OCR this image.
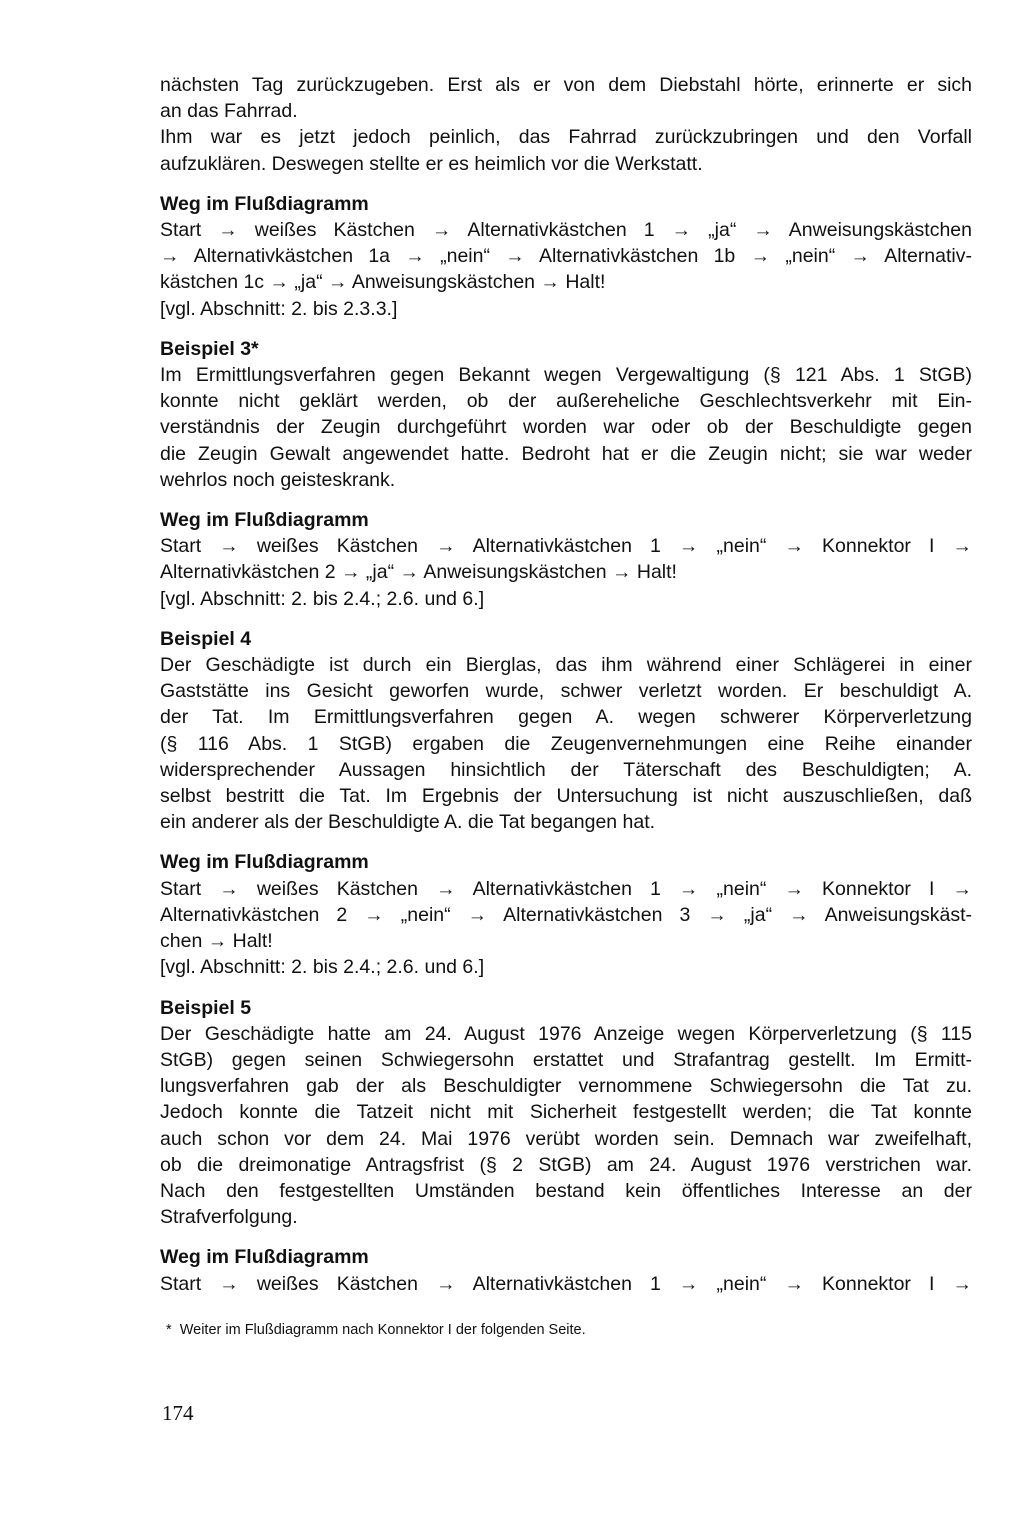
nächsten Tag zurückzugeben. Erst als er von dem Diebstahl hörte, erinnerte er sich
an das Fahrrad.
Ihm war es jetzt jedoch peinlich, das Fahrrad zurückzubringen und den Vorfall
aufzuklären. Deswegen stellte er es heimlich vor die Werkstatt.
Weg im Flußdiagramm
Start → weißes Kästchen → Alternativkästchen 1 → „ja“ → Anweisungskästchen
→ Alternativkästchen 1a → „nein“ → Alternativkästchen 1b → „nein“ → Alternativ-
kästchen 1c → „ja“ → Anweisungskästchen → Halt!
[vgl. Abschnitt: 2. bis 2.3.3.]
Beispiel 3*
Im Ermittlungsverfahren gegen Bekannt wegen Vergewaltigung (§ 121 Abs. 1 StGB)
konnte nicht geklärt werden, ob der außereheliche Geschlechtsverkehr mit Ein-
verständnis der Zeugin durchgeführt worden war oder ob der Beschuldigte gegen
die Zeugin Gewalt angewendet hatte. Bedroht hat er die Zeugin nicht; sie war weder
wehrlos noch geisteskrank.
Weg im Flußdiagramm
Start → weißes Kästchen → Alternativkästchen 1 → „nein“ → Konnektor I →
Alternativkästchen 2 → „ja“ → Anweisungskästchen → Halt!
[vgl. Abschnitt: 2. bis 2.4.; 2.6. und 6.]
Beispiel 4
Der Geschädigte ist durch ein Bierglas, das ihm während einer Schlägerei in einer
Gaststätte ins Gesicht geworfen wurde, schwer verletzt worden. Er beschuldigt A.
der Tat. Im Ermittlungsverfahren gegen A. wegen schwerer Körperverletzung
(§ 116 Abs. 1 StGB) ergaben die Zeugenvernehmungen eine Reihe einander
widersprechender Aussagen hinsichtlich der Täterschaft des Beschuldigten; A.
selbst bestritt die Tat. Im Ergebnis der Untersuchung ist nicht auszuschließen, daß
ein anderer als der Beschuldigte A. die Tat begangen hat.
Weg im Flußdiagramm
Start → weißes Kästchen → Alternativkästchen 1 → „nein“ → Konnektor I →
Alternativkästchen 2 → „nein“ → Alternativkästchen 3 → „ja“ → Anweisungskäst-
chen → Halt!
[vgl. Abschnitt: 2. bis 2.4.; 2.6. und 6.]
Beispiel 5
Der Geschädigte hatte am 24. August 1976 Anzeige wegen Körperverletzung (§ 115
StGB) gegen seinen Schwiegersohn erstattet und Strafantrag gestellt. Im Ermitt-
lungsverfahren gab der als Beschuldigter vernommene Schwiegersohn die Tat zu.
Jedoch konnte die Tatzeit nicht mit Sicherheit festgestellt werden; die Tat konnte
auch schon vor dem 24. Mai 1976 verübt worden sein. Demnach war zweifelhaft,
ob die dreimonatige Antragsfrist (§ 2 StGB) am 24. August 1976 verstrichen war.
Nach den festgestellten Umständen bestand kein öffentliches Interesse an der
Strafverfolgung.
Weg im Flußdiagramm
Start → weißes Kästchen → Alternativkästchen 1 → „nein“ → Konnektor I →
*  Weiter im Flußdiagramm nach Konnektor I der folgenden Seite.
174
